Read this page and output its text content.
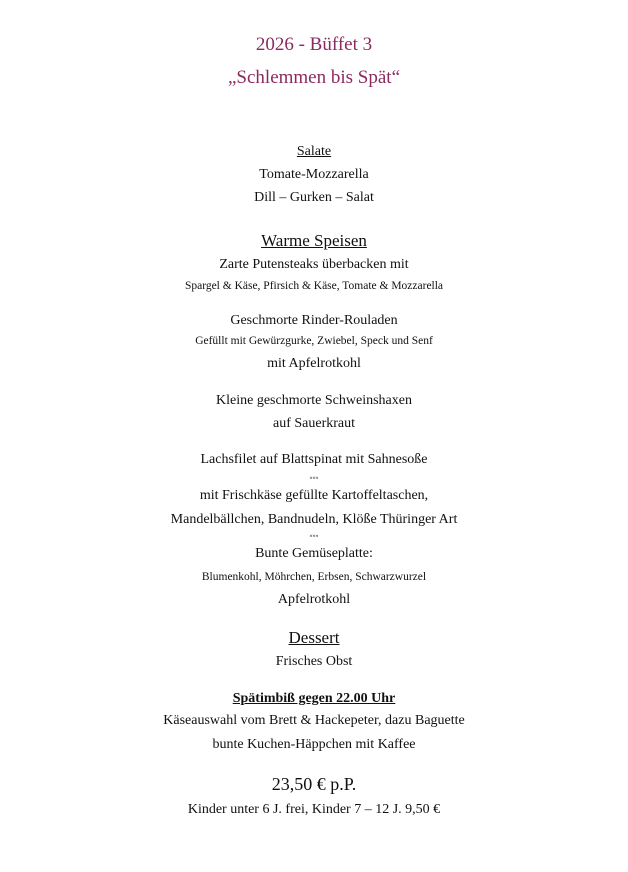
2026 - Büffet 3
„Schlemmen bis Spät“
Salate
Tomate-Mozzarella
Dill – Gurken – Salat
Warme Speisen
Zarte Putensteaks überbacken mit
Spargel & Käse, Pfirsich & Käse, Tomate & Mozzarella
Geschmorte Rinder-Rouladen
Gefüllt mit Gewürzgurke, Zwiebel, Speck und Senf
mit Apfelrotkohl
Kleine geschmorte Schweinshaxen
auf Sauerkraut
Lachsfilet auf Blattspinat mit Sahnesoße
»»»
mit Frischkäse gefüllte Kartoffeltaschen,
Mandelbällchen, Bandnudeln, Klöße Thüringer Art
»»»
Bunte Gemüseplatte:
Blumenkohl, Möhrchen, Erbsen, Schwarzwurzel
Apfelrotkohl
Dessert
Frisches Obst
Spätimbiß gegen 22.00 Uhr
Käseauswahl vom Brett & Hackepeter, dazu Baguette
bunte Kuchen-Häppchen mit Kaffee
23,50 € p.P.
Kinder unter 6 J. frei, Kinder 7 – 12 J. 9,50 €
